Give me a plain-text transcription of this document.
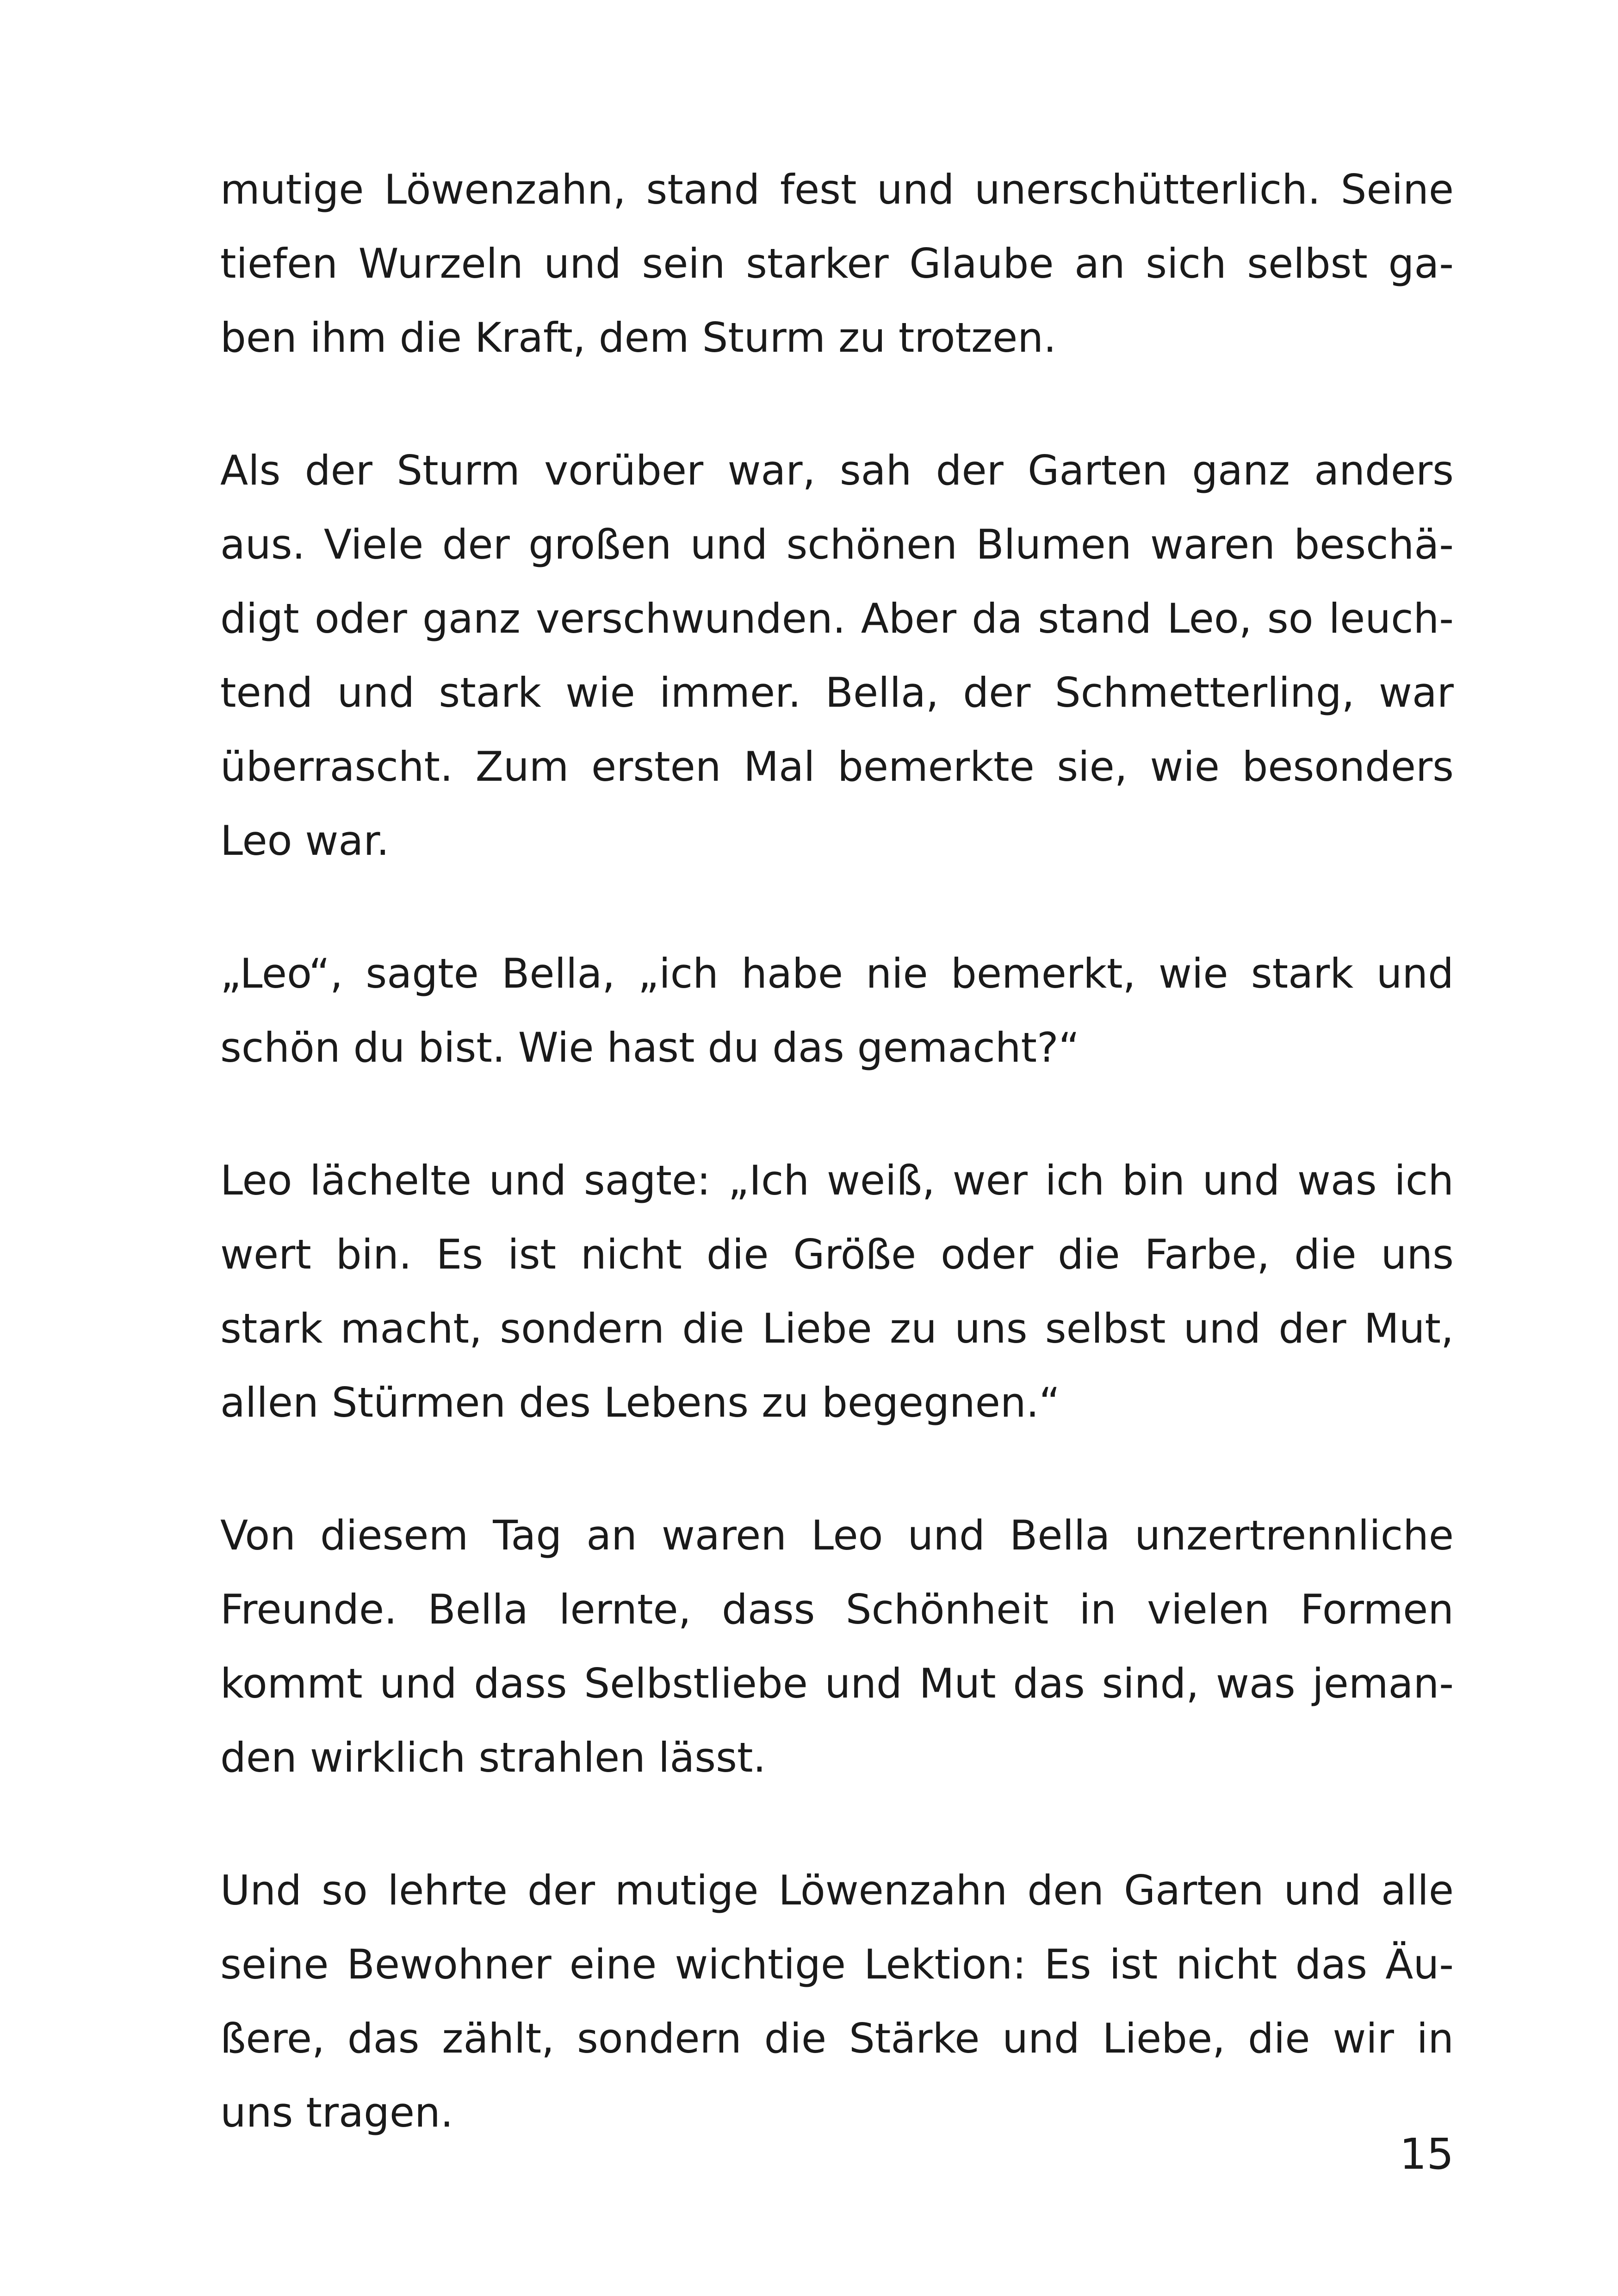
mutige Löwenzahn, stand fest und unerschütterlich. Seine
tiefen Wurzeln und sein starker Glaube an sich selbst ga-
ben ihm die Kraft, dem Sturm zu trotzen.

Als der Sturm vorüber war, sah der Garten ganz anders
aus. Viele der großen und schönen Blumen waren beschä-
digt oder ganz verschwunden. Aber da stand Leo, so leuch-
tend und stark wie immer. Bella, der Schmetterling, war
überrascht. Zum ersten Mal bemerkte sie, wie besonders
Leo war.

„Leo“, sagte Bella, „ich habe nie bemerkt, wie stark und
schön du bist. Wie hast du das gemacht?“

Leo lächelte und sagte: „Ich weiß, wer ich bin und was ich
wert bin. Es ist nicht die Größe oder die Farbe, die uns
stark macht, sondern die Liebe zu uns selbst und der Mut,
allen Stürmen des Lebens zu begegnen.“

Von diesem Tag an waren Leo und Bella unzertrennliche
Freunde. Bella lernte, dass Schönheit in vielen Formen
kommt und dass Selbstliebe und Mut das sind, was jeman-
den wirklich strahlen lässt.

Und so lehrte der mutige Löwenzahn den Garten und alle
seine Bewohner eine wichtige Lektion: Es ist nicht das Äu-
ßere, das zählt, sondern die Stärke und Liebe, die wir in
uns tragen.

15
